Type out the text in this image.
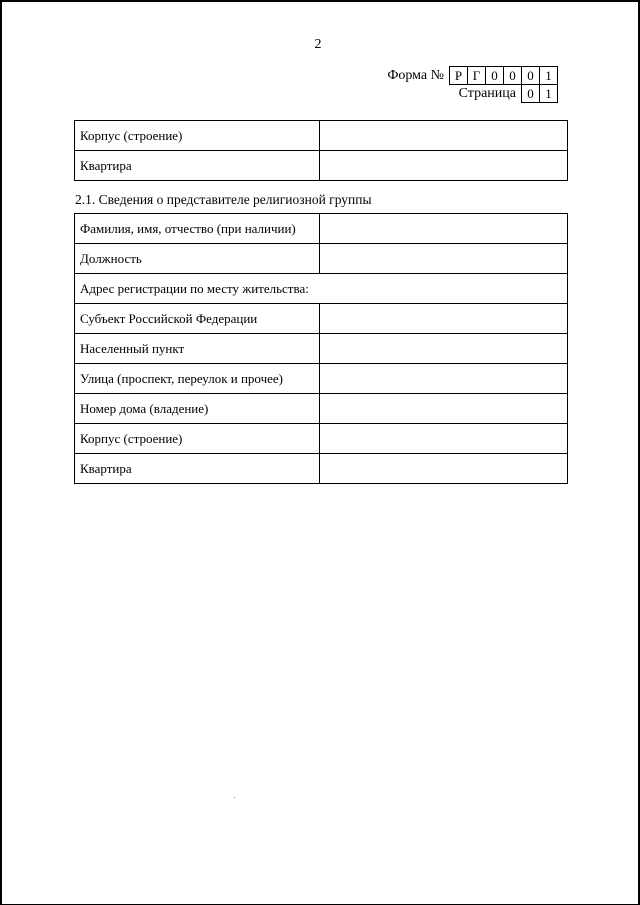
2
Форма № Р Г 0 0 0 1
Страница 0 1
Корпус (строение)	
Квартира	
2.1. Сведения о представителе религиозной группы
Фамилия, имя, отчество (при наличии)	
Должность	
Адрес регистрации по месту жительства:	
Субъект Российской Федерации	
Населенный пункт	
Улица (проспект, переулок и прочее)	
Номер дома (владение)	
Корпус (строение)	
Квартира	
